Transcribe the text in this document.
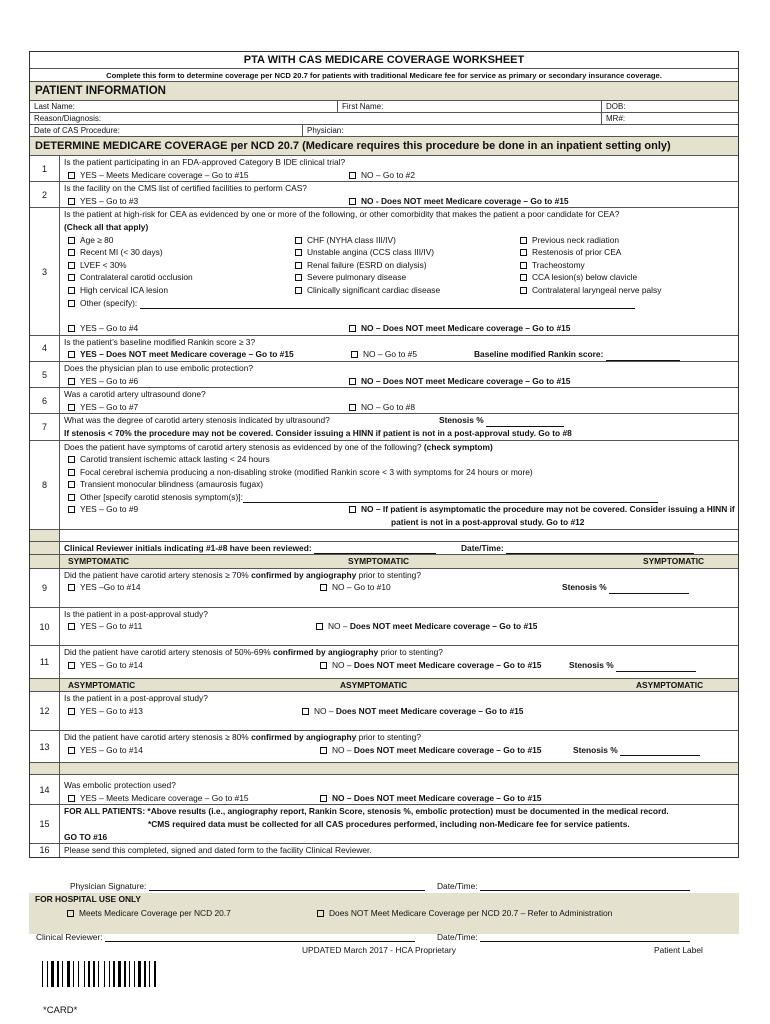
PTA WITH CAS MEDICARE COVERAGE WORKSHEET
Complete this form to determine coverage per NCD 20.7 for patients with traditional Medicare fee for service as primary or secondary insurance coverage.
PATIENT INFORMATION
Last Name:	First Name:	DOB:
Reason/Diagnosis:	MR#:
Date of CAS Procedure:	Physician:
DETERMINE MEDICARE COVERAGE per NCD 20.7 (Medicare requires this procedure be done in an inpatient setting only)
1
Is the patient participating in an FDA-approved Category B IDE clinical trial?
YES – Meets Medicare coverage – Go to #15	NO – Go to #2
2
Is the facility on the CMS list of certified facilities to perform CAS?
YES – Go to #3	NO - Does NOT meet Medicare coverage – Go to #15
3
Is the patient at high-risk for CEA as evidenced by one or more of the following, or other comorbidity that makes the patient a poor candidate for CEA?
(Check all that apply)
Age ≥ 80
Recent MI (< 30 days)
LVEF < 30%
Contralateral carotid occlusion
High cervical ICA lesion
Other (specify):
CHF (NYHA class III/IV)
Unstable angina (CCS class III/IV)
Renal failure (ESRD on dialysis)
Severe pulmonary disease
Clinically significant cardiac disease
Previous neck radiation
Restenosis of prior CEA
Tracheostomy
CCA lesion(s) below clavicle
Contralateral laryngeal nerve palsy
YES – Go to #4	NO – Does NOT meet Medicare coverage – Go to #15
4
Is the patient’s baseline modified Rankin score ≥ 3?
YES – Does NOT meet Medicare coverage – Go to #15	NO – Go to #5	Baseline modified Rankin score:
5
Does the physician plan to use embolic protection?
YES – Go to #6	NO – Does NOT meet Medicare coverage – Go to #15
6
Was a carotid artery ultrasound done?
YES – Go to #7	NO – Go to #8
7
What was the degree of carotid artery stenosis indicated by ultrasound?	Stenosis %
If stenosis < 70% the procedure may not be covered. Consider issuing a HINN if patient is not in a post-approval study. Go to #8
8
Does the patient have symptoms of carotid artery stenosis as evidenced by one of the following? (check symptom)
Carotid transient ischemic attack lasting < 24 hours
Focal cerebral ischemia producing a non-disabling stroke (modified Rankin score < 3 with symptoms for 24 hours or more)
Transient monocular blindness (amaurosis fugax)
Other [specify carotid stenosis symptom(s)]:
YES – Go to #9	NO – If patient is asymptomatic the procedure may not be covered. Consider issuing a HINN if
patient is not in a post-approval study. Go to #12
Clinical Reviewer initials indicating #1-#8 have been reviewed:	Date/Time:
SYMPTOMATIC	SYMPTOMATIC	SYMPTOMATIC
9
Did the patient have carotid artery stenosis ≥ 70% confirmed by angiography prior to stenting?
YES –Go to #14	NO – Go to #10	Stenosis %
10
Is the patient in a post-approval study?
YES – Go to #11	NO – Does NOT meet Medicare coverage – Go to #15
11
Did the patient have carotid artery stenosis of 50%-69% confirmed by angiography prior to stenting?
YES – Go to #14	NO – Does NOT meet Medicare coverage – Go to #15	Stenosis %
ASYMPTOMATIC	ASYMPTOMATIC	ASYMPTOMATIC
12
Is the patient in a post-approval study?
YES – Go to #13	NO – Does NOT meet Medicare coverage – Go to #15
13
Did the patient have carotid artery stenosis ≥ 80% confirmed by angiography prior to stenting?
YES – Go to #14	NO – Does NOT meet Medicare coverage – Go to #15	Stenosis %
14	Was embolic protection used?
YES – Meets Medicare coverage – Go to #15	NO – Does NOT meet Medicare coverage – Go to #15
15
FOR ALL PATIENTS: *Above results (i.e., angiography report, Rankin Score, stenosis %, embolic protection) must be documented in the medical record.
*CMS required data must be collected for all CAS procedures performed, including non-Medicare fee for service patients.
GO TO #16
16	Please send this completed, signed and dated form to the facility Clinical Reviewer.
Physician Signature:	Date/Time:
FOR HOSPITAL USE ONLY
Meets Medicare Coverage per NCD 20.7	Does NOT Meet Medicare Coverage per NCD 20.7 – Refer to Administration
Clinical Reviewer:	Date/Time:
UPDATED March 2017 - HCA Proprietary	Patient Label
*CARD*
